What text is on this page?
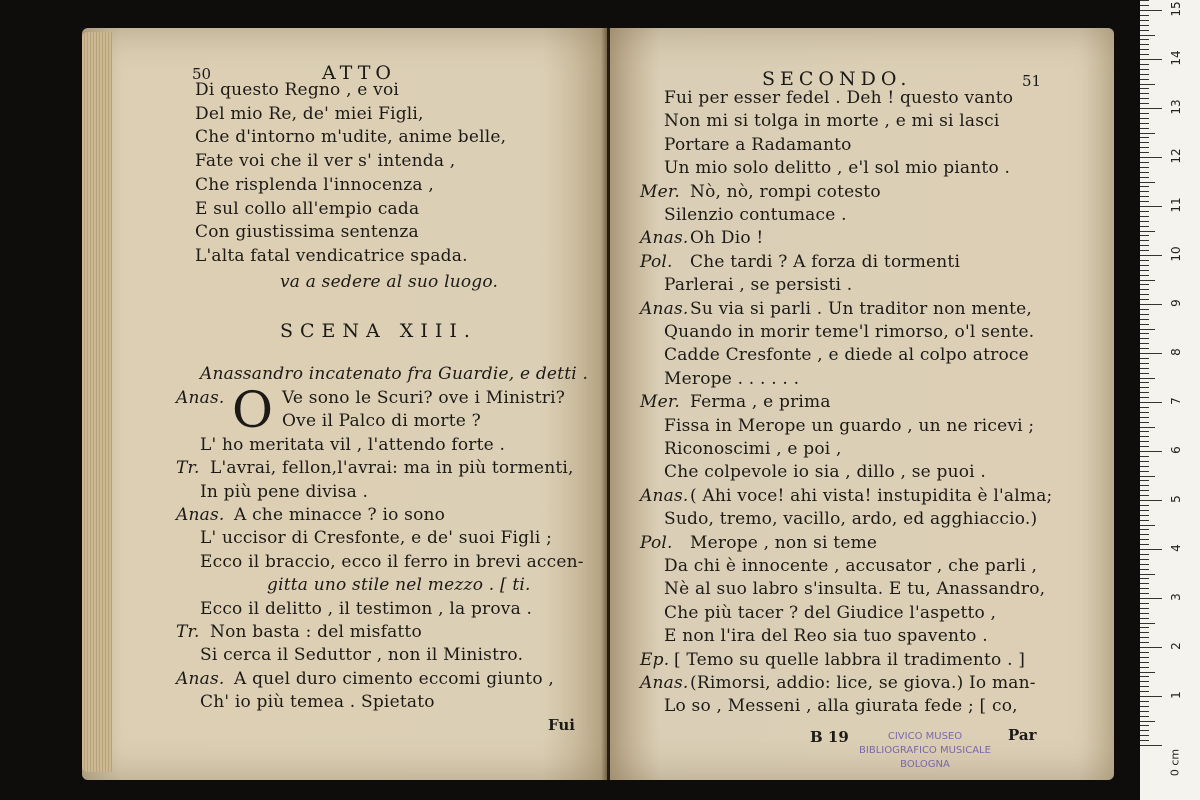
50	ATTO
Di questo Regno , e voi
Del mio Re, de' miei Figli,
Che d'intorno m'udite, anime belle,
Fate voi che il ver s' intenda ,
Che risplenda l'innocenza ,
E sul collo all'empio cada
Con giustissima sentenza
L'alta fatal vendicatrice spada.
va a sedere al suo luogo.
SCENA XIII.
Anassandro incatenato fra Guardie, e detti .
O
Anas.	Ve sono le Scuri? ove i Ministri?
Ove il Palco di morte ?
L' ho meritata vil , l'attendo forte .
Tr. L'avrai, fellon,l'avrai: ma in più tormenti,
In più pene divisa .
Anas. A che minacce ? io sono
L' uccisor di Cresfonte, e de' suoi Figli ;
Ecco il braccio, ecco il ferro in brevi accen-
gitta uno stile nel mezzo . [ ti.
Ecco il delitto , il testimon , la prova .
Tr. Non basta : del misfatto
Si cerca il Seduttor , non il Ministro.
Anas. A quel duro cimento eccomi giunto ,
Ch' io più temea . Spietato
Fui
SECONDO.	51
Fui per esser fedel . Deh ! questo vanto
Non mi si tolga in morte , e mi si lasci
Portare a Radamanto
Un mio solo delitto , e'l sol mio pianto .
Mer. Nò, nò, rompi cotesto
Silenzio contumace .
Anas. Oh Dio !
Pol. Che tardi ? A forza di tormenti
Parlerai , se persisti .
Anas. Su via si parli . Un traditor non mente,
Quando in morir teme'l rimorso, o'l sente.
Cadde Cresfonte , e diede al colpo atroce
Merope . . . . . .
Mer. Ferma , e prima
Fissa in Merope un guardo , un ne ricevi ;
Riconoscimi , e poi ,
Che colpevole io sia , dillo , se puoi .
Anas. ( Ahi voce! ahi vista! instupidita è l'alma;
Sudo, tremo, vacillo, ardo, ed agghiaccio.)
Pol. Merope , non si teme
Da chi è innocente , accusator , che parli ,
Nè al suo labro s'insulta. E tu, Anassandro,
Che più tacer ? del Giudice l'aspetto ,
E non l'ira del Reo sia tuo spavento .
Ep. [ Temo su quelle labbra il tradimento . ]
Anas. (Rimorsi, addio: lice, se giova.) Io man-
Lo so , Messeni , alla giurata fede ; [ co,
B 19	Par
CIVICO MUSEO
BIBLIOGRAFICO MUSICALE
BOLOGNA	0 cm
15
14
13
12
11
10
9
8
7
6
5
4
3
2
1
